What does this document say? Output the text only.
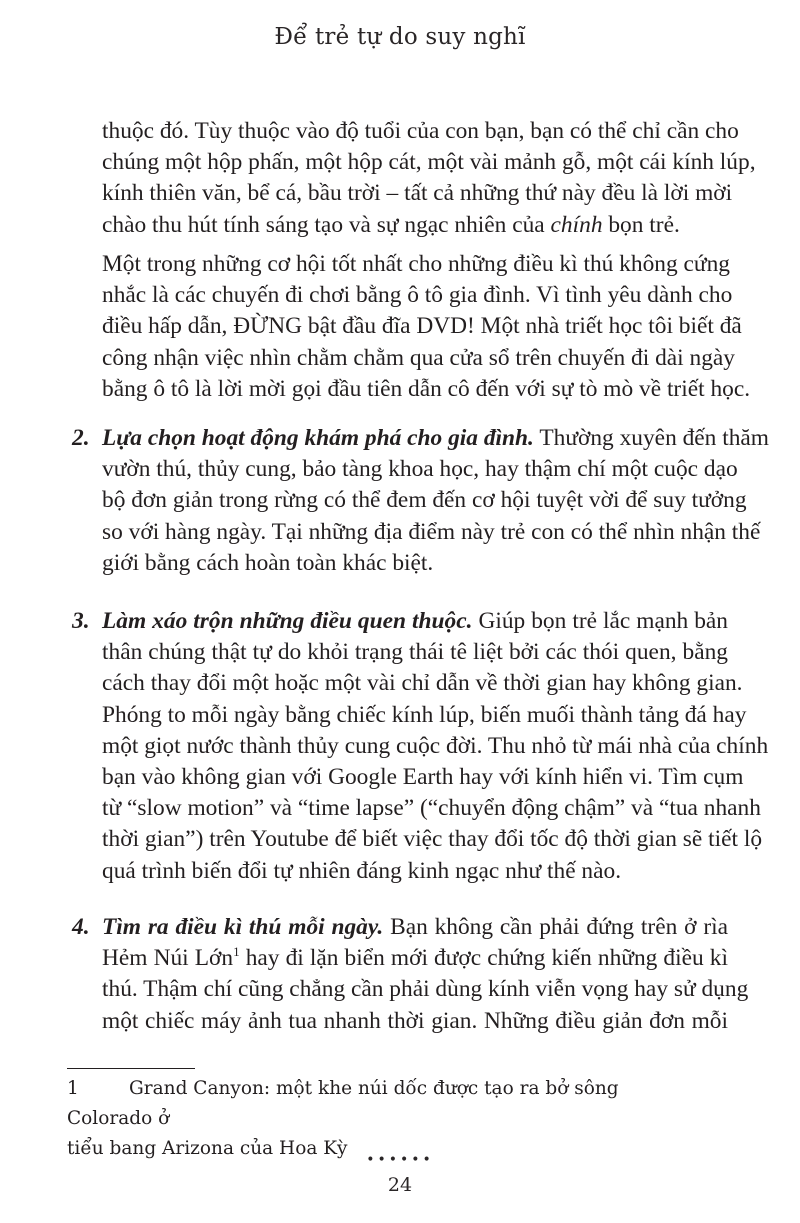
Để trẻ tự do suy nghĩ
thuộc đó. Tùy thuộc vào độ tuổi của con bạn, bạn có thể chỉ cần cho
chúng một hộp phấn, một hộp cát, một vài mảnh gỗ, một cái kính lúp,
kính thiên văn, bể cá, bầu trời – tất cả những thứ này đều là lời mời
chào thu hút tính sáng tạo và sự ngạc nhiên của chính bọn trẻ.
Một trong những cơ hội tốt nhất cho những điều kì thú không cứng
nhắc là các chuyến đi chơi bằng ô tô gia đình. Vì tình yêu dành cho
điều hấp dẫn, ĐỪNG bật đầu đĩa DVD! Một nhà triết học tôi biết đã
công nhận việc nhìn chằm chằm qua cửa sổ trên chuyến đi dài ngày
bằng ô tô là lời mời gọi đầu tiên dẫn cô đến với sự tò mò về triết học.
2. Lựa chọn hoạt động khám phá cho gia đình. Thường xuyên đến thăm
vườn thú, thủy cung, bảo tàng khoa học, hay thậm chí một cuộc dạo
bộ đơn giản trong rừng có thể đem đến cơ hội tuyệt vời để suy tưởng
so với hàng ngày. Tại những địa điểm này trẻ con có thể nhìn nhận thế
giới bằng cách hoàn toàn khác biệt.
3. Làm xáo trộn những điều quen thuộc. Giúp bọn trẻ lắc mạnh bản
thân chúng thật tự do khỏi trạng thái tê liệt bởi các thói quen, bằng
cách thay đổi một hoặc một vài chỉ dẫn về thời gian hay không gian.
Phóng to mỗi ngày bằng chiếc kính lúp, biến muối thành tảng đá hay
một giọt nước thành thủy cung cuộc đời. Thu nhỏ từ mái nhà của chính
bạn vào không gian với Google Earth hay với kính hiển vi. Tìm cụm
từ “slow motion” và “time lapse” (“chuyển động chậm” và “tua nhanh
thời gian”) trên Youtube để biết việc thay đổi tốc độ thời gian sẽ tiết lộ
quá trình biến đổi tự nhiên đáng kinh ngạc như thế nào.
4. Tìm ra điều kì thú mỗi ngày. Bạn không cần phải đứng trên ở rìa
Hẻm Núi Lớn$^1$ hay đi lặn biển mới được chứng kiến những điều kì
thú. Thậm chí cũng chẳng cần phải dùng kính viễn vọng hay sử dụng
một chiếc máy ảnh tua nhanh thời gian. Những điều giản đơn mỗi
1	Grand Canyon: một khe núi dốc được tạo ra bở sông Colorado ở
tiểu bang Arizona của Hoa Kỳ
••••••
24
